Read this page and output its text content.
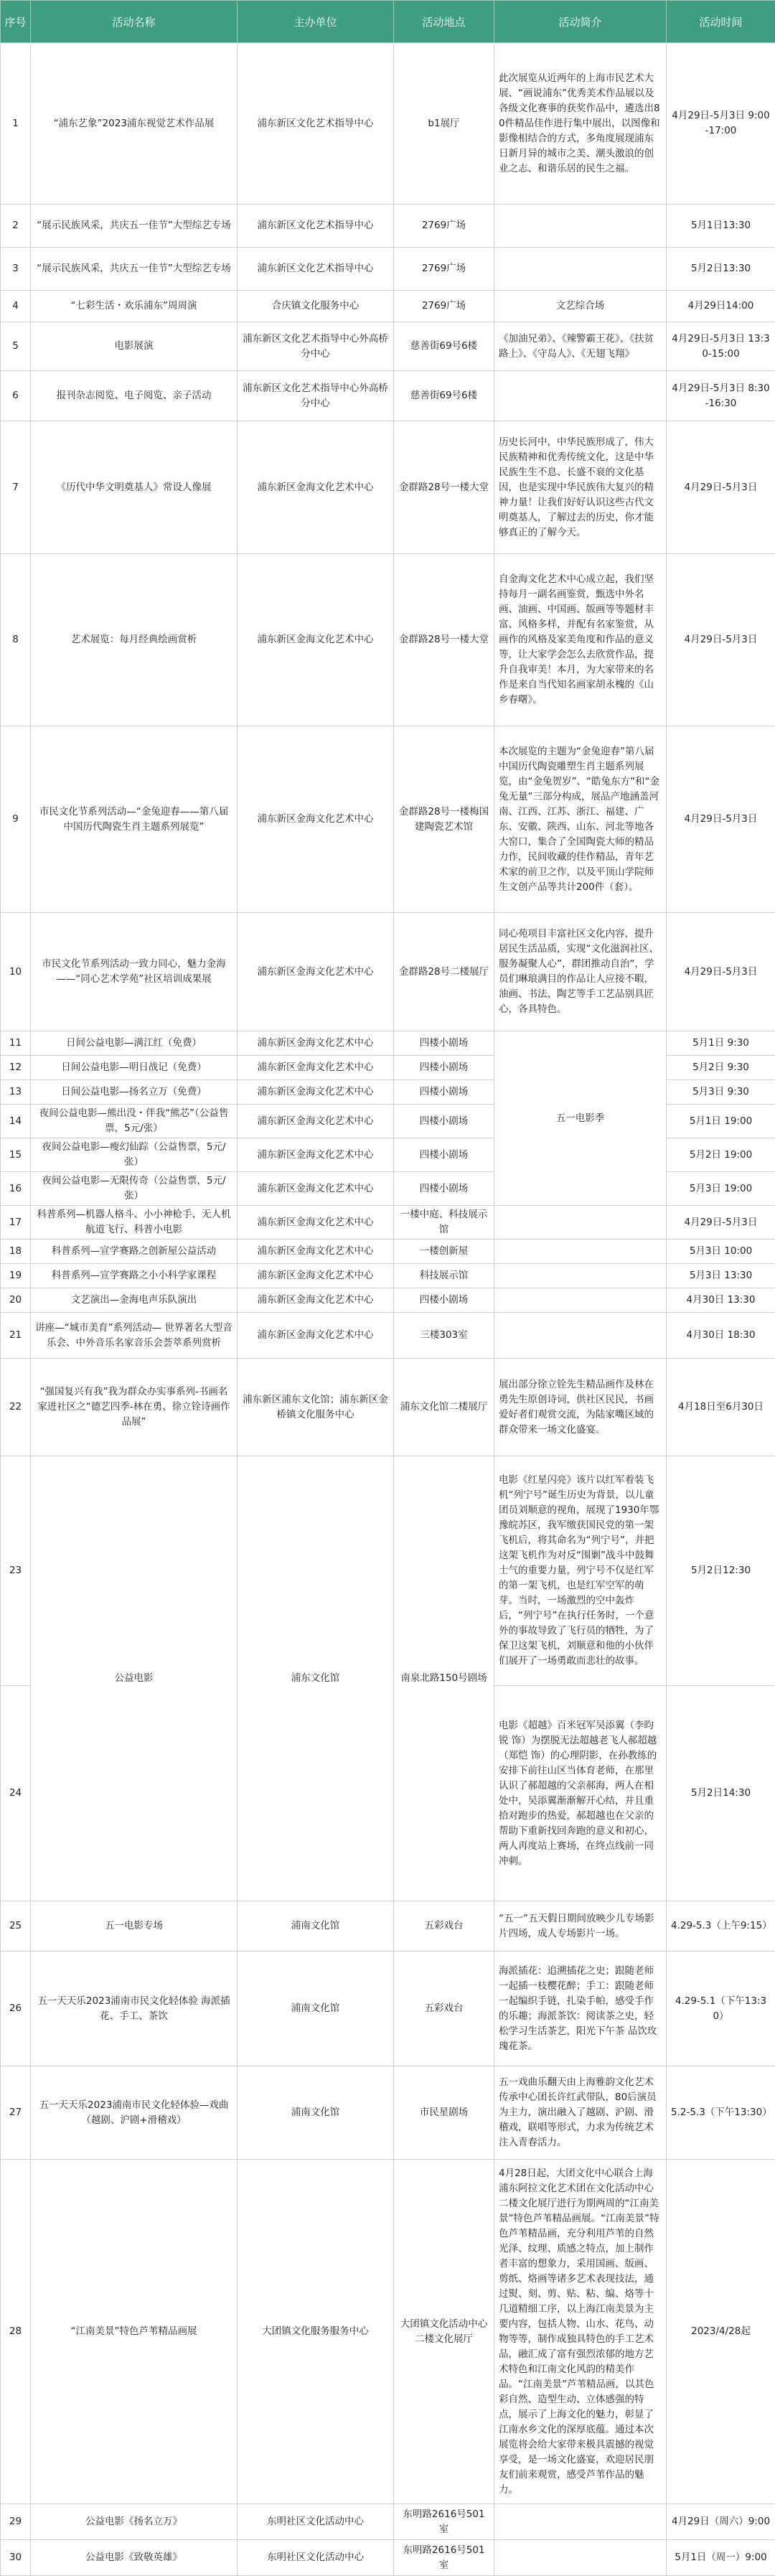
序号	活动名称	主办单位	活动地点	活动简介	活动时间
1	“浦东艺象”2023浦东视觉艺术作品展	浦东新区文化艺术指导中心	b1展厅	此次展览从近两年的上海市民艺术大展、“画说浦东”优秀美术作品展以及各级文化赛事的获奖作品中，遴选出80件精品佳作进行集中展出，以图像和影像相结合的方式，多角度展现浦东日新月异的城市之美、潮头激浪的创业之志、和谐乐居的民生之福。	4月29日-5月3日 9:00-17:00
2	“展示民族风采，共庆五一佳节”大型综艺专场	浦东新区文化艺术指导中心	2769广场		5月1日13:30
3	“展示民族风采，共庆五一佳节”大型综艺专场	浦东新区文化艺术指导中心	2769广场		5月2日13:30
4	“七彩生活・欢乐浦东”周周演	合庆镇文化服务中心	2769广场	文艺综合场	4月29日14:00
5	电影展演	浦东新区文化艺术指导中心外高桥分中心	慈善街69号6楼	《加油兄弟》、《辣警霸王花》、《扶贫路上》、《守岛人》、《无翅飞翔》	4月29日-5月3日 13:30-15:00
6	报刊杂志阅览、电子阅览、亲子活动	浦东新区文化艺术指导中心外高桥分中心	慈善街69号6楼		4月29日-5月3日 8:30-16:30
7	《历代中华文明奠基人》常设人像展	浦东新区金海文化艺术中心	金群路28号一楼大堂	历史长河中，中华民族形成了，伟大民族精神和优秀传统文化，这是中华民族生生不息、长盛不衰的文化基因，也是实现中华民族伟大复兴的精神力量！让我们好好认识这些古代文明奠基人，了解过去的历史，你才能够真正的了解今天。	4月29日-5月3日
8	艺术展览：每月经典绘画赏析	浦东新区金海文化艺术中心	金群路28号一楼大堂	自金海文化艺术中心成立起，我们坚持每月一副名画鉴赏，甄选中外名画、油画、中国画、版画等等题材丰富、风格多样，并配有名家鉴赏，从画作的风格及家美角度和作品的意义等，让大家学会怎么去欣赏作品，提升自我审美！本月，为大家带来的名作是来自当代知名画家胡永槐的《山乡春曙》。	4月29日-5月3日
9	市民文化节系列活动—“金兔迎春——第八届中国历代陶瓷生肖主题系列展览”	浦东新区金海文化艺术中心	金群路28号一楼梅国建陶瓷艺术馆	本次展览的主题为“金兔迎春”第八届中国历代陶瓷雕塑生肖主题系列展览，由“金兔贺岁”、“皓兔东方”和“金兔无量”三部分构成，展品产地涵盖河南、江西、江苏、浙江、福建、广东、安徽、陕西、山东、河北等地各大窑口，集合了全国陶瓷大师的精品力作，民间收藏的佳作精品，青年艺术家的前卫之作，以及平顶山学院师生文创产品等共计200件（套）。	4月29日-5月3日
10	市民文化节系列活动一致力同心，魅力金海——“同心艺术学苑”社区培训成果展	浦东新区金海文化艺术中心	金群路28号二楼展厅	同心苑项目丰富社区文化内容，提升居民生活品质，实现“文化滋润社区、服务凝聚人心”，群团推动自治“，学员们琳琅满目的作品让人应接不暇，油画、书法、陶艺等手工艺品别具匠心，各具特色。	4月29日-5月3日
11	日间公益电影—满江红（免费）	浦东新区金海文化艺术中心	四楼小剧场	五一电影季	5月1日 9:30
12	日间公益电影—明日战记（免费）	浦东新区金海文化艺术中心	四楼小剧场		5月2日 9:30
13	日间公益电影—扬名立万（免费）	浦东新区金海文化艺术中心	四楼小剧场		5月3日 9:30
14	夜间公益电影—熊出没・伴我“熊芯”（公益售票，5元/张）	浦东新区金海文化艺术中心	四楼小剧场		5月1日 19:00
15	夜间公益电影—瘦幻仙踪（公益售票，5元/张）	浦东新区金海文化艺术中心	四楼小剧场		5月2日 19:00
16	夜间公益电影—无限传奇（公益售票，5元/张）	浦东新区金海文化艺术中心	四楼小剧场		5月3日 19:00
17	科普系列—机器人格斗、小小神枪手、无人机航道飞行、科普小电影	浦东新区金海文化艺术中心	一楼中庭、科技展示馆		4月29日-5月3日
18	科普系列—宣学赛路之创新屋公益活动	浦东新区金海文化艺术中心	一楼创新屋		5月3日 10:00
19	科普系列—宣学赛路之小小科学家课程	浦东新区金海文化艺术中心	科技展示馆		5月3日 13:30
20	文艺演出—金海电声乐队演出	浦东新区金海文化艺术中心	四楼小剧场		4月30日 13:30
21	讲座—“城市美育”系列活动— 世界著名大型音乐会、中外音乐名家音乐会荟萃系列赏析	浦东新区金海文化艺术中心	三楼303室		4月30日 18:30
22	“强国复兴有我”我为群众办实事系列-书画名家进社区之“德艺四季-林在勇、徐立铨诗画作品展”	浦东新区浦东文化馆；浦东新区金桥镇文化服务中心	浦东文化馆二楼展厅	展出部分徐立铨先生精品画作及林在勇先生原创诗词，供社区民民，书画爱好者们观赏交流，为陆家嘴区域的群众带来一场文化盛宴。	4月18日至6月30日
23	公益电影	浦东文化馆	南泉北路150号剧场	电影《红星闪亮》该片以红军着装飞机“列宁号”诞生历史为背景，以儿童团员刘顺意的视角，展现了1930年鄂豫皖苏区，我军缴获国民党的第一架飞机后，将其命名为“列宁号”，并把这架飞机作为对反“围剿”战斗中鼓舞士气的重要力量，列宁号不仅是红军的第一架飞机，也是红军空军的萌芽。当时，一场激烈的空中轰炸后，“列宁号”在执行任务时，一个意外的事故导致了飞行员的牺牲，为了保卫这架飞机，刘顺意和他的小伙伴们展开了一场勇敢而悲壮的故事。	5月2日12:30
24				电影《超越》百米冠军吴添翼（李昀锐 饰）为摆脱无法超越老飞人郝超越（郑恺 饰）的心理阴影，在孙教练的安排下前往山区当体育老师，在那里认识了郝超越的父亲郝海，两人在相处中，吴添翼渐渐解开心结，并且重拾对跑步的热爱，郝超越也在父亲的帮助下重新找回奔跑的意义和初心，两人再度站上赛场，在终点线前一同冲刺。	5月2日14:30
25	五一电影专场	浦南文化馆	五彩戏台	“五一”五天假日期间放映少儿专场影片四场，成人专场影片一场。	4.29-5.3（上午9:15）
26	五一天天乐2023浦南市民文化轻体验 海派插花、手工、茶饮	浦南文化馆	五彩戏台	海派插花：追溯插花之史；跟随老师一起插一枝樱花醉；手工：跟随老师一起编织手链，扎染手帕，感受手作的乐趣；海派茶饮：阅读茶之史，轻松学习生活茶艺，阳光下午茶 品饮玫瑰花茶。	4.29-5.1（下午13:30）
27	五一天天乐2023浦南市民文化轻体验—戏曲（越剧、沪剧+滑稽戏）	浦南文化馆	市民星剧场	五一戏曲乐翻天由上海雅韵文化艺术传承中心团长许红武带队，80后演员为主力，演出融入了越剧、沪剧、滑稽戏，联唱等形式，力求为传统艺术注入青春活力。	5.2-5.3（下午13:30）
28	“江南美景”特色芦苇精品画展	大团镇文化服务服务中心	大团镇文化活动中心二楼文化展厅	4月28日起，大团文化中心联合上海浦东阿拉文化艺术团在文化活动中心二楼文化展厅进行为期两周的“江南美景”特色芦苇精品画展。“江南美景”特色芦苇精品画，充分利用芦苇的自然光泽、纹理、质感之特点，加上制作者丰富的想象力，采用国画、版画、剪纸、烙画等诸多艺术表现技法，通过熨、刻、剪、贴、粘、编、烙等十几道精细工序，以上海江南美景为主要内容，包括人物、山水、花鸟、动物等等，制作成独具特色的手工艺术品，融汇成了富有强烈浓郁的地方艺术特色和江南文化风韵的精美作品。“江南美景”芦苇精品画，以其色彩自然、造型生动、立体感强的特点，展示了上海文化的魅力，彰显了江南水乡文化的深厚底蕴。通过本次展览将会给大家带来极具震撼的视觉享受，是一场文化盛宴，欢迎居民朋友们前来观赏，感受芦苇作品的魅力。	2023/4/28起
29	公益电影《扬名立万》	东明社区文化活动中心	东明路2616号501室		4月29日（周六）9:00
30	公益电影《致敬英雄》	东明社区文化活动中心	东明路2616号501室		5月1日（周一）9:00
